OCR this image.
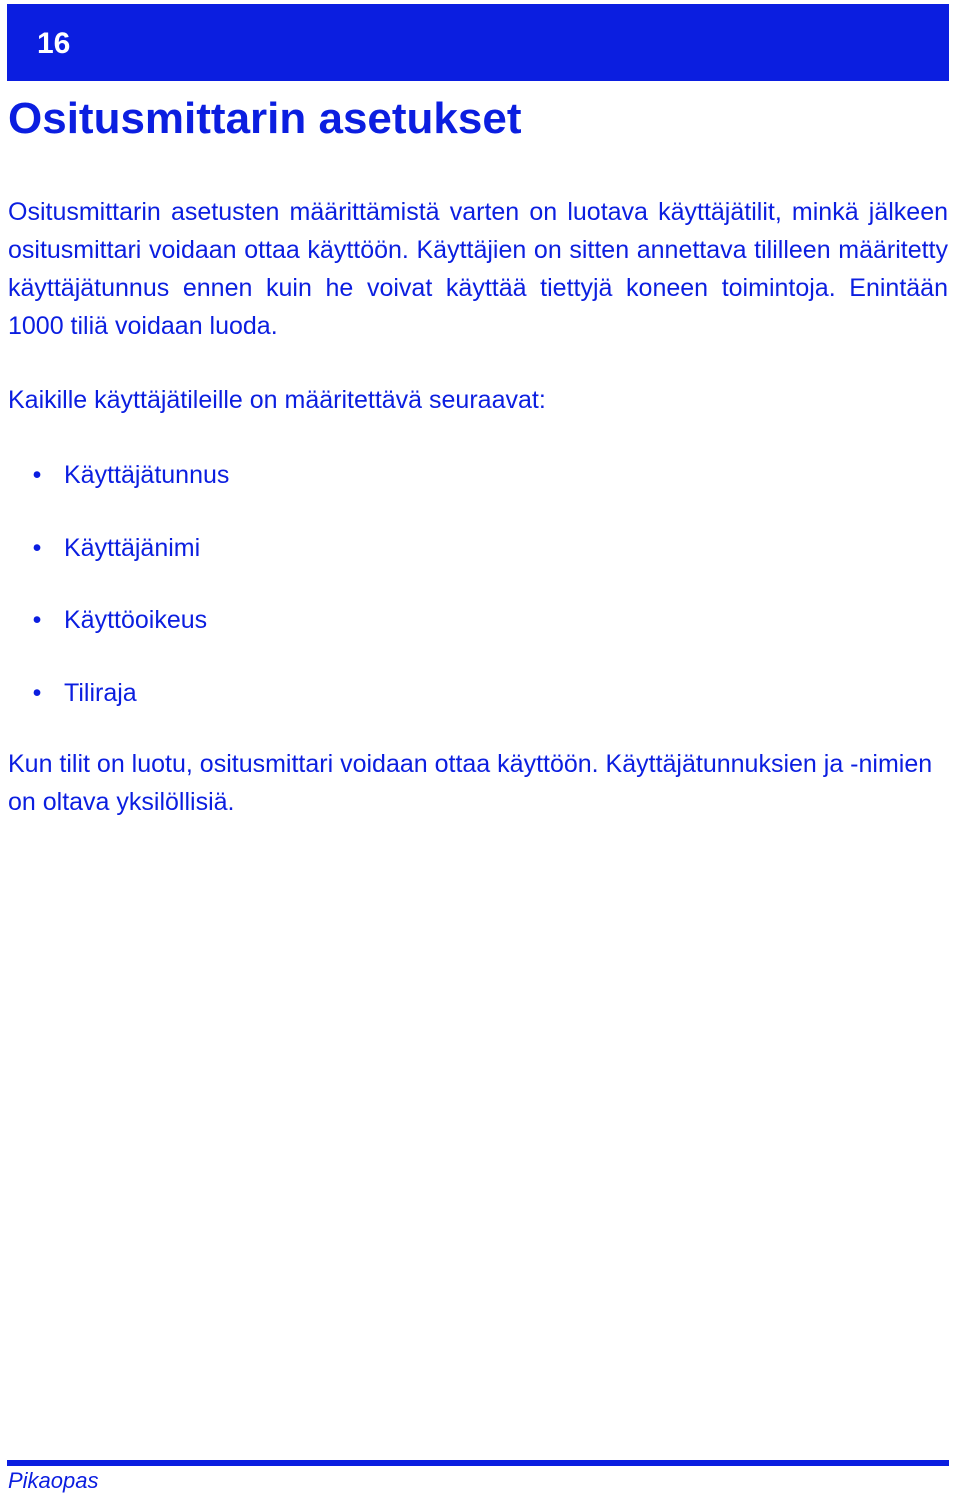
16
Ositusmittarin asetukset

Ositusmittarin asetusten määrittämistä varten on luotava käyttäjätilit, minkä jälkeen ositusmittari voidaan ottaa käyttöön. Käyttäjien on sitten annettava tililleen määritetty käyttäjätunnus ennen kuin he voivat käyttää tiettyjä koneen toimintoja. Enintään 1000 tiliä voidaan luoda.

Kaikille käyttäjätileille on määritettävä seuraavat:

• Käyttäjätunnus
• Käyttäjänimi
• Käyttöoikeus
• Tiliraja

Kun tilit on luotu, ositusmittari voidaan ottaa käyttöön. Käyttäjätunnuksien ja -nimien on oltava yksilöllisiä.

Pikaopas
